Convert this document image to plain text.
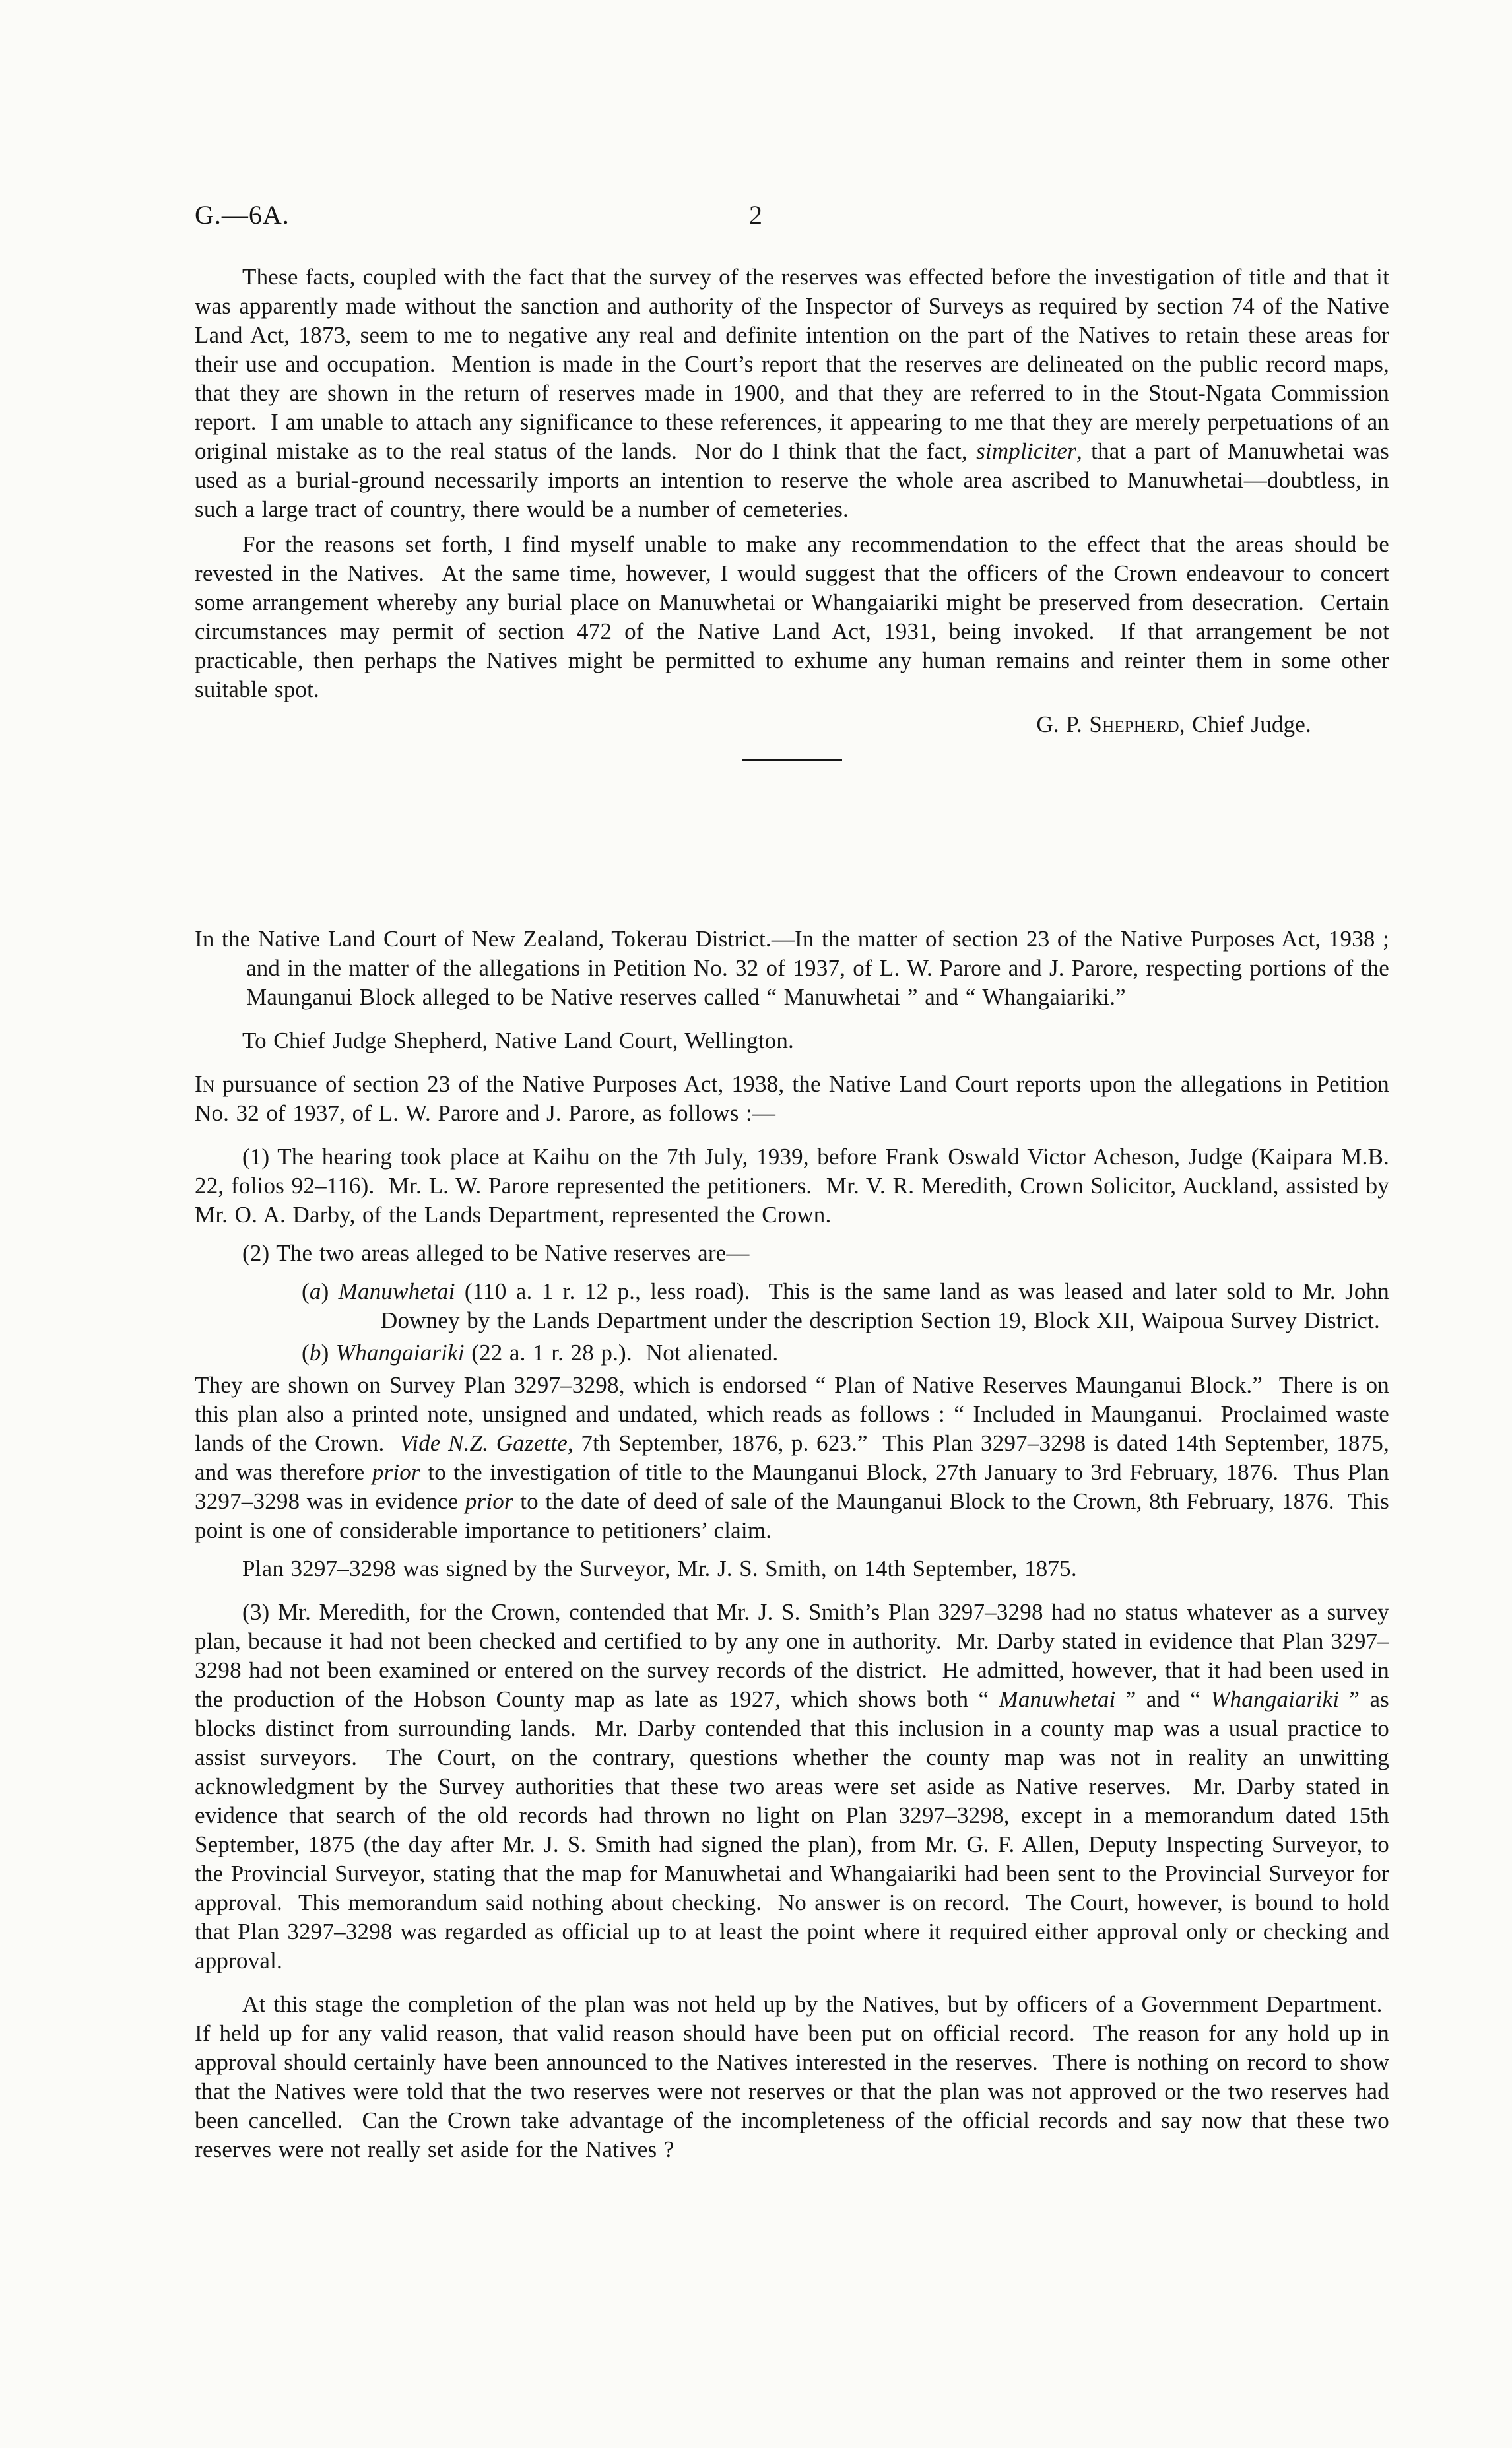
G.—6A.	2

These facts, coupled with the fact that the survey of the reserves was effected before the investigation of title and that it was apparently made without the sanction and authority of the Inspector of Surveys as required by section 74 of the Native Land Act, 1873, seem to me to negative any real and definite intention on the part of the Natives to retain these areas for their use and occupation.  Mention is made in the Court’s report that the reserves are delineated on the public record maps, that they are shown in the return of reserves made in 1900, and that they are referred to in the Stout-Ngata Commission report.  I am unable to attach any significance to these references, it appearing to me that they are merely perpetuations of an original mistake as to the real status of the lands.  Nor do I think that the fact, simpliciter, that a part of Manuwhetai was used as a burial-ground necessarily imports an intention to reserve the whole area ascribed to Manuwhetai—doubtless, in such a large tract of country, there would be a number of cemeteries.

For the reasons set forth, I find myself unable to make any recommendation to the effect that the areas should be revested in the Natives.  At the same time, however, I would suggest that the officers of the Crown endeavour to concert some arrangement whereby any burial place on Manuwhetai or Whangaiariki might be preserved from desecration.  Certain circumstances may permit of section 472 of the Native Land Act, 1931, being invoked.  If that arrangement be not practicable, then perhaps the Natives might be permitted to exhume any human remains and reinter them in some other suitable spot.

G. P. Shepherd, Chief Judge.

In the Native Land Court of New Zealand, Tokerau District.—In the matter of section 23 of the Native Purposes Act, 1938 ; and in the matter of the allegations in Petition No. 32 of 1937, of L. W. Parore and J. Parore, respecting portions of the Maunganui Block alleged to be Native reserves called “ Manuwhetai ” and “ Whangaiariki.”

To Chief Judge Shepherd, Native Land Court, Wellington.

In pursuance of section 23 of the Native Purposes Act, 1938, the Native Land Court reports upon the allegations in Petition No. 32 of 1937, of L. W. Parore and J. Parore, as follows :—

(1) The hearing took place at Kaihu on the 7th July, 1939, before Frank Oswald Victor Acheson, Judge (Kaipara M.B. 22, folios 92–116).  Mr. L. W. Parore represented the petitioners.  Mr. V. R. Meredith, Crown Solicitor, Auckland, assisted by Mr. O. A. Darby, of the Lands Department, represented the Crown.

(2) The two areas alleged to be Native reserves are—

(a) Manuwhetai (110 a. 1 r. 12 p., less road).  This is the same land as was leased and later sold to Mr. John Downey by the Lands Department under the description Section 19, Block XII, Waipoua Survey District.

(b) Whangaiariki (22 a. 1 r. 28 p.).  Not alienated.

They are shown on Survey Plan 3297–3298, which is endorsed “ Plan of Native Reserves Maunganui Block.”  There is on this plan also a printed note, unsigned and undated, which reads as follows : “ Included in Maunganui.  Proclaimed waste lands of the Crown.  Vide N.Z. Gazette, 7th September, 1876, p. 623.”  This Plan 3297–3298 is dated 14th September, 1875, and was therefore prior to the investigation of title to the Maunganui Block, 27th January to 3rd February, 1876.  Thus Plan 3297–3298 was in evidence prior to the date of deed of sale of the Maunganui Block to the Crown, 8th February, 1876.  This point is one of considerable importance to petitioners’ claim.

Plan 3297–3298 was signed by the Surveyor, Mr. J. S. Smith, on 14th September, 1875.

(3) Mr. Meredith, for the Crown, contended that Mr. J. S. Smith’s Plan 3297–3298 had no status whatever as a survey plan, because it had not been checked and certified to by any one in authority.  Mr. Darby stated in evidence that Plan 3297–3298 had not been examined or entered on the survey records of the district.  He admitted, however, that it had been used in the production of the Hobson County map as late as 1927, which shows both “ Manuwhetai ” and “ Whangaiariki ” as blocks distinct from surrounding lands.  Mr. Darby contended that this inclusion in a county map was a usual practice to assist surveyors.  The Court, on the contrary, questions whether the county map was not in reality an unwitting acknowledgment by the Survey authorities that these two areas were set aside as Native reserves.  Mr. Darby stated in evidence that search of the old records had thrown no light on Plan 3297–3298, except in a memorandum dated 15th September, 1875 (the day after Mr. J. S. Smith had signed the plan), from Mr. G. F. Allen, Deputy Inspecting Surveyor, to the Provincial Surveyor, stating that the map for Manuwhetai and Whangaiariki had been sent to the Provincial Surveyor for approval.  This memorandum said nothing about checking.  No answer is on record.  The Court, however, is bound to hold that Plan 3297–3298 was regarded as official up to at least the point where it required either approval only or checking and approval.

At this stage the completion of the plan was not held up by the Natives, but by officers of a Government Department.  If held up for any valid reason, that valid reason should have been put on official record.  The reason for any hold up in approval should certainly have been announced to the Natives interested in the reserves.  There is nothing on record to show that the Natives were told that the two reserves were not reserves or that the plan was not approved or the two reserves had been cancelled.  Can the Crown take advantage of the incompleteness of the official records and say now that these two reserves were not really set aside for the Natives ?
